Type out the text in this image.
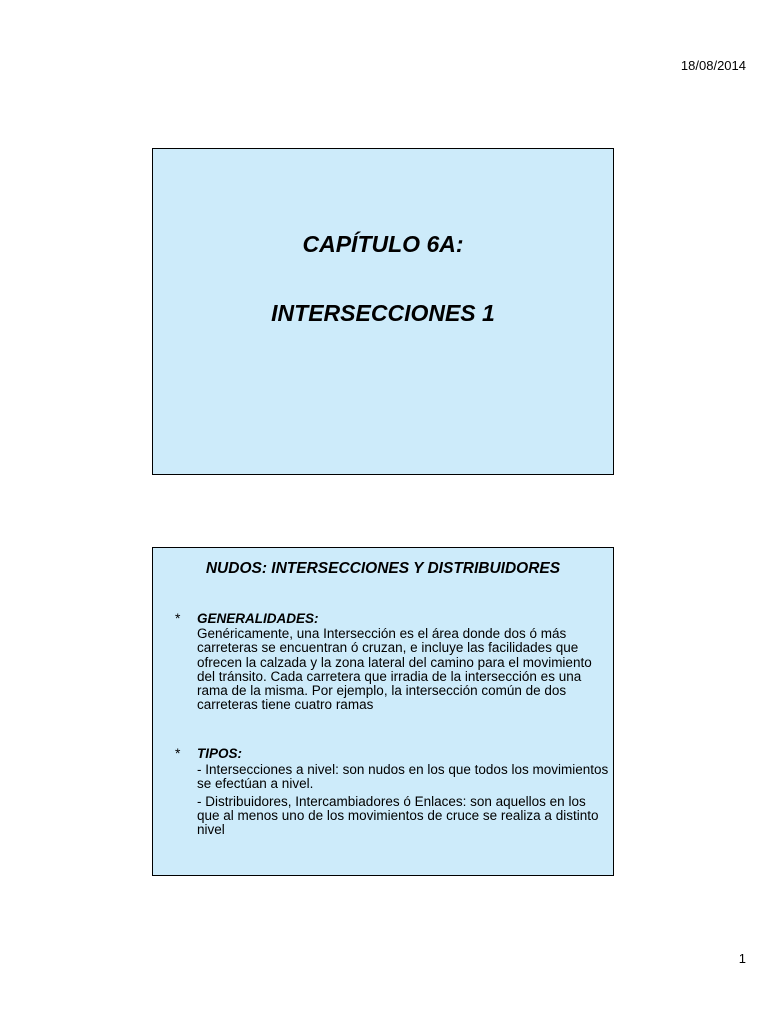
18/08/2014
CAPÍTULO 6A:
INTERSECCIONES 1
NUDOS: INTERSECCIONES Y DISTRIBUIDORES
* GENERALIDADES:

Genéricamente, una Intersección es el área donde dos ó más carreteras se encuentran ó cruzan, e incluye las facilidades que ofrecen la calzada y la zona lateral del camino para el movimiento del tránsito. Cada carretera que irradia de la intersección es una rama de la misma. Por ejemplo, la intersección común de dos carreteras tiene cuatro ramas

* TIPOS:

- Intersecciones a nivel: son nudos en los que todos los movimientos se efectúan a nivel.

- Distribuidores, Intercambiadores ó Enlaces: son aquellos en los que al menos uno de los movimientos de cruce se realiza a distinto nivel

1
